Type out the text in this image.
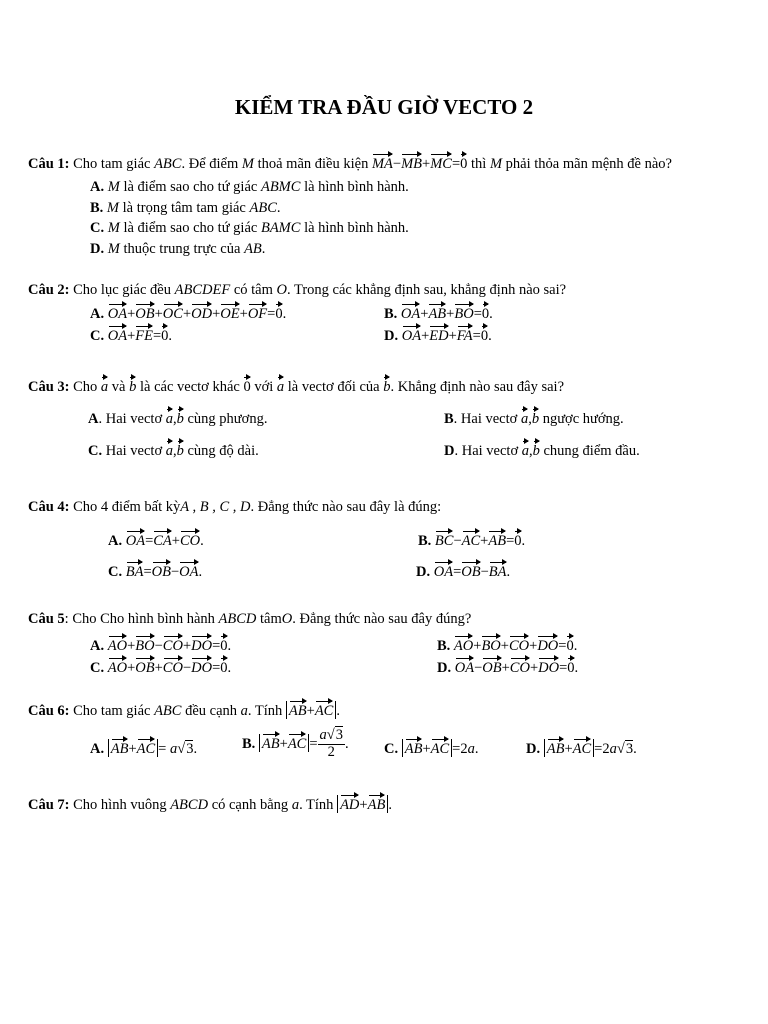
KIỂM TRA ĐẦU GIỜ VECTO 2
Câu 1: Cho tam giác ABC. Để điểm M thoả mãn điều kiện MA−MB+MC=0 thì M phải thỏa mãn mệnh đề nào?
A. M là điểm sao cho tứ giác ABMC là hình bình hành.
B. M là trọng tâm tam giác ABC.
C. M là điểm sao cho tứ giác BAMC là hình bình hành.
D. M thuộc trung trực của AB.
Câu 2: Cho lục giác đều ABCDEF có tâm O. Trong các khẳng định sau, khẳng định nào sai?
A. OA+OB+OC+OD+OE+OF=0.	B. OA+AB+BO=0.
C. OA+FE=0.	D. OA+ED+FA=0.
Câu 3: Cho a và b là các vectơ khác 0 với a là vectơ đối của b. Khẳng định nào sau đây sai?
A. Hai vectơ a,b cùng phương.	B. Hai vectơ a,b ngược hướng.
C. Hai vectơ a,b cùng độ dài.	D. Hai vectơ a,b chung điểm đầu.
Câu 4: Cho 4 điểm bất kỳA , B , C , D. Đẳng thức nào sau đây là đúng:
A. OA=CA+CO.	B. BC−AC+AB=0.
C. BA=OB−OA.	D. OA=OB−BA.
Câu 5: Cho Cho hình bình hành ABCD tâmO. Đẳng thức nào sau đây đúng?
A. AO+BO−CO+DO=0.	B. AO+BO+CO+DO=0.
C. AO+OB+CO−DO=0.	D. OA−OB+CO+DO=0.
Câu 6: Cho tam giác ABC đều cạnh a. Tính AB+AC .
A. AB+AC = a√3.	B. $AB+AC = \frac{a√3}{2}$ . C. AB+AC =2a.	D. AB+AC =2a√3.
Câu 7: Cho hình vuông ABCD có cạnh bằng a. Tính AD+AB .
